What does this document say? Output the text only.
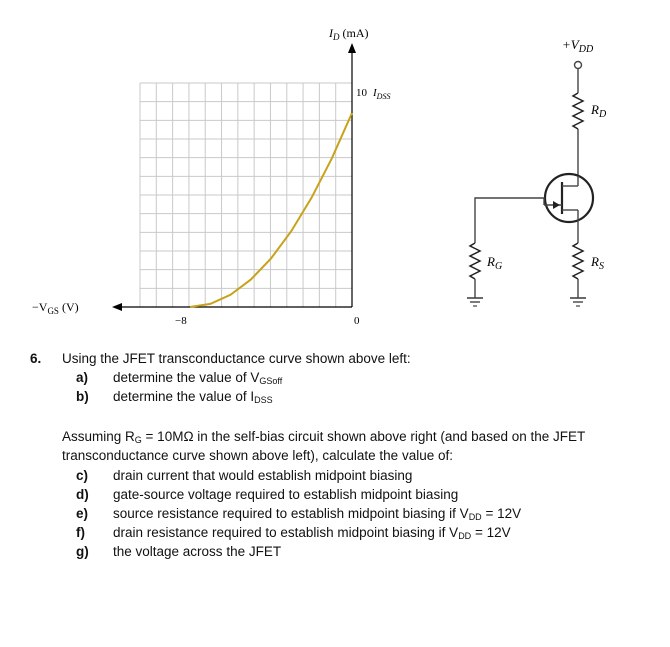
$I_D$ (mA)
10 $I_{DSS}$
$-V_{GS}$ (V)
−8	0
$+V_{DD}$
$R_D$
$R_G$	$R_S$
6. Using the JFET transconductance curve shown above left:
a) determine the value of $V_{GSoff}$
b) determine the value of $I_{DSS}$
Assuming $R_G = 10M\Omega$ in the self-bias circuit shown above right (and based on the JFET
transconductance curve shown above left), calculate the value of:
c) drain current that would establish midpoint biasing
d) gate-source voltage required to establish midpoint biasing
e) source resistance required to establish midpoint biasing if $V_{DD} = 12V$
f) drain resistance required to establish midpoint biasing if $V_{DD} = 12V$
g) the voltage across the JFET
